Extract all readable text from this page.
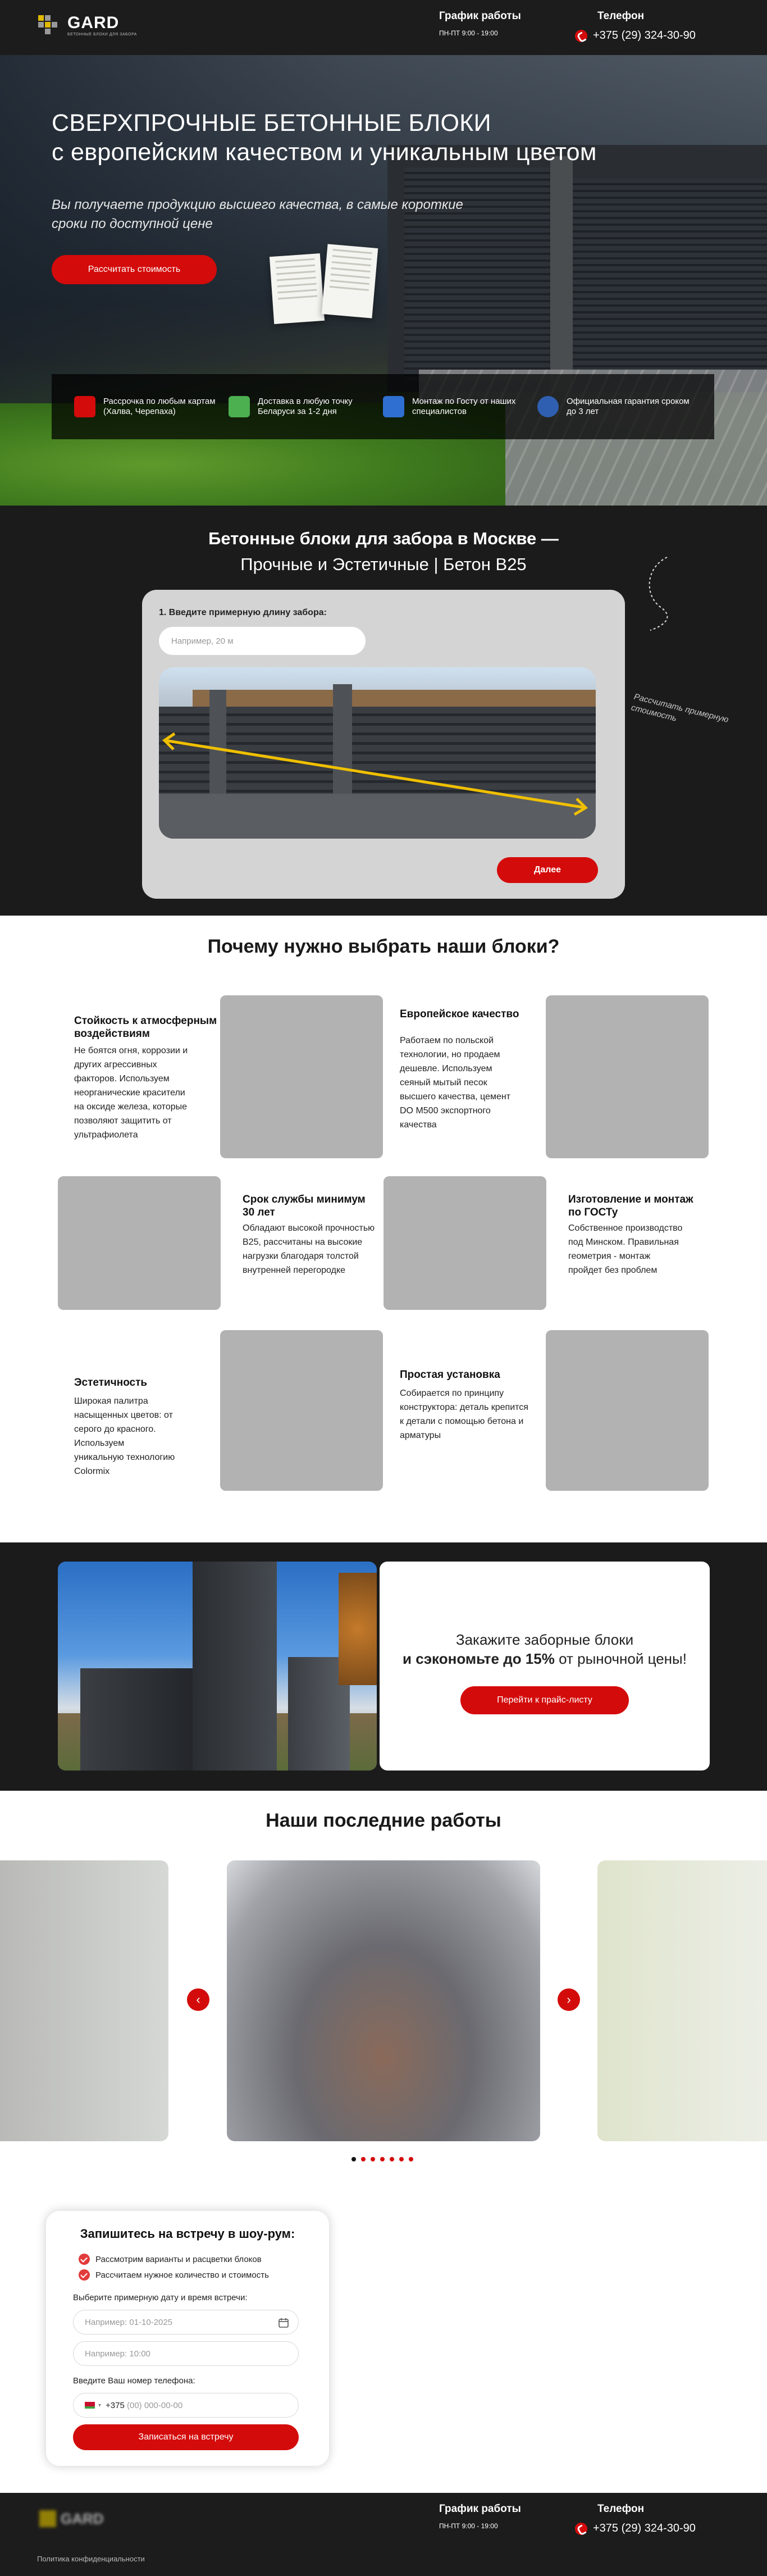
GARD
БЕТОННЫЕ БЛОКИ ДЛЯ ЗАБОРА
График работы
ПН-ПТ 9:00 - 19:00
Телефон
+375 (29) 324-30-90
СВЕРХПРОЧНЫЕ БЕТОННЫЕ БЛОКИ
с европейским качеством и уникальным цветом
Вы получаете продукцию высшего качества, в самые короткие сроки по доступной цене
Рассчитать стоимость
Рассрочка по любым картам (Халва, Черепаха)
Доставка в любую точку Беларуси за 1-2 дня
Монтаж по Госту от наших специалистов
Официальная гарантия сроком до 3 лет
Бетонные блоки для забора в Москве —
Прочные и Эстетичные | Бетон B25
1. Введите примерную длину забора:
Например, 20 м
Далее
Рассчитать примерную стоимость
Почему нужно выбрать наши блоки?
Стойкость к атмосферным воздействиям
Не боятся огня, коррозии и других агрессивных факторов. Используем неорганические красители на оксиде железа, которые позволяют защитить от ультрафиолета
Европейское качество
Работаем по польской технологии, но продаем дешевле. Используем сеяный мытый песок высшего качества, цемент DO M500 экспортного качества
Срок службы минимум 30 лет
Обладают высокой прочностью B25, рассчитаны на высокие нагрузки благодаря толстой внутренней перегородке
Изготовление и монтаж по ГОСТу
Собственное производство под Минском. Правильная геометрия - монтаж пройдет без проблем
Эстетичность
Широкая палитра насыщенных цветов: от серого до красного. Используем уникальную технологию Colormix
Простая установка
Собирается по принципу конструктора: деталь крепится к детали с помощью бетона и арматуры
Закажите заборные блоки
и сэкономьте до 15% от рыночной цены!
Перейти к прайс-листу
Наши последние работы
‹	›
Запишитесь на встречу в шоу-рум:
Рассмотрим варианты и расцветки блоков
Рассчитаем нужное количество и стоимость
Выберите примерную дату и время встречи:
Например: 01-10-2025
Например: 10:00
Введите Ваш номер телефона:
▾ +375
(00) 000-00-00
Записаться на встречу
GARD
График работы
ПН-ПТ 9:00 - 19:00
Телефон
+375 (29) 324-30-90
Политика конфиденциальности
